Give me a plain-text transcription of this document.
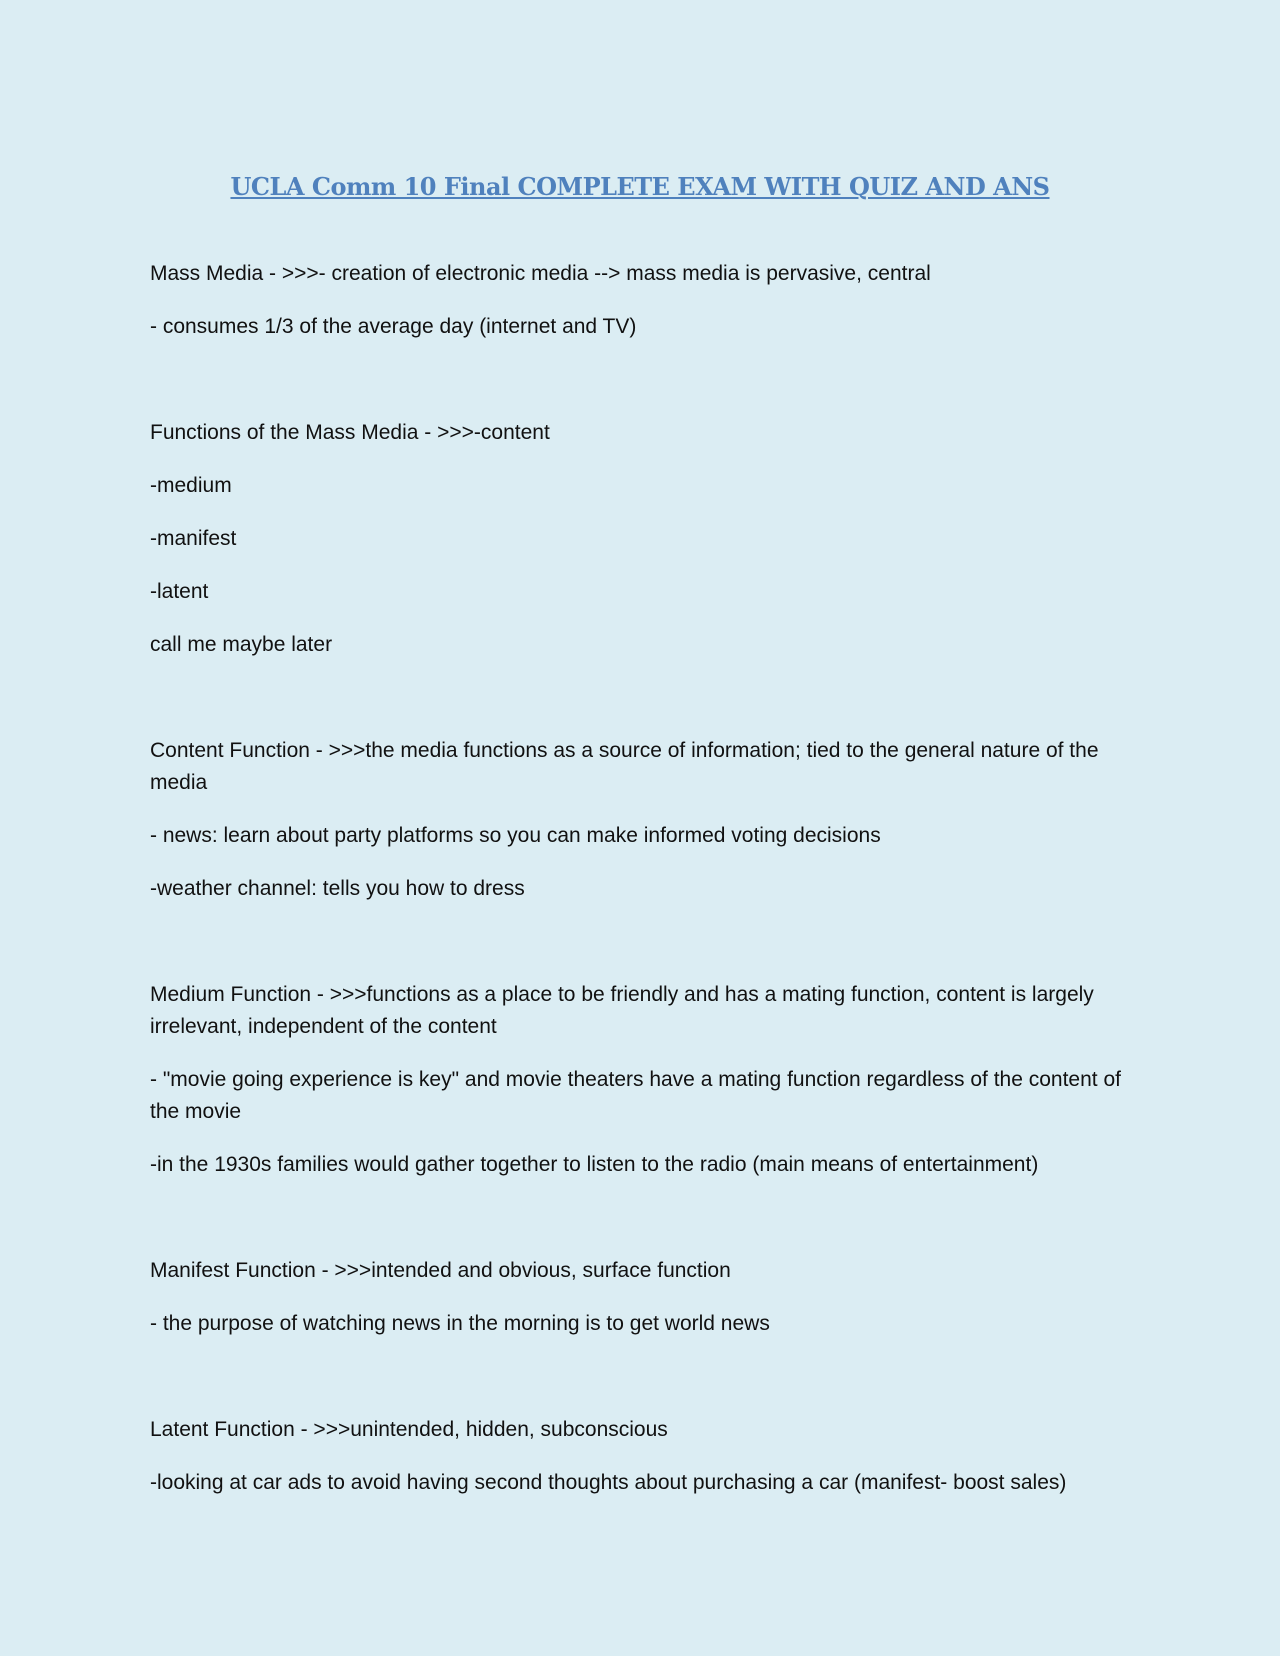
UCLA Comm 10 Final COMPLETE EXAM WITH QUIZ AND ANS

Mass Media - >>>- creation of electronic media --> mass media is pervasive, central

- consumes 1/3 of the average day (internet and TV)

Functions of the Mass Media - >>>-content

-medium

-manifest

-latent

call me maybe later

Content Function - >>>the media functions as a source of information; tied to the general nature of the media

- news: learn about party platforms so you can make informed voting decisions

-weather channel: tells you how to dress

Medium Function - >>>functions as a place to be friendly and has a mating function, content is largely irrelevant, independent of the content

- "movie going experience is key" and movie theaters have a mating function regardless of the content of the movie

-in the 1930s families would gather together to listen to the radio (main means of entertainment)

Manifest Function - >>>intended and obvious, surface function

- the purpose of watching news in the morning is to get world news

Latent Function - >>>unintended, hidden, subconscious

-looking at car ads to avoid having second thoughts about purchasing a car (manifest- boost sales)
